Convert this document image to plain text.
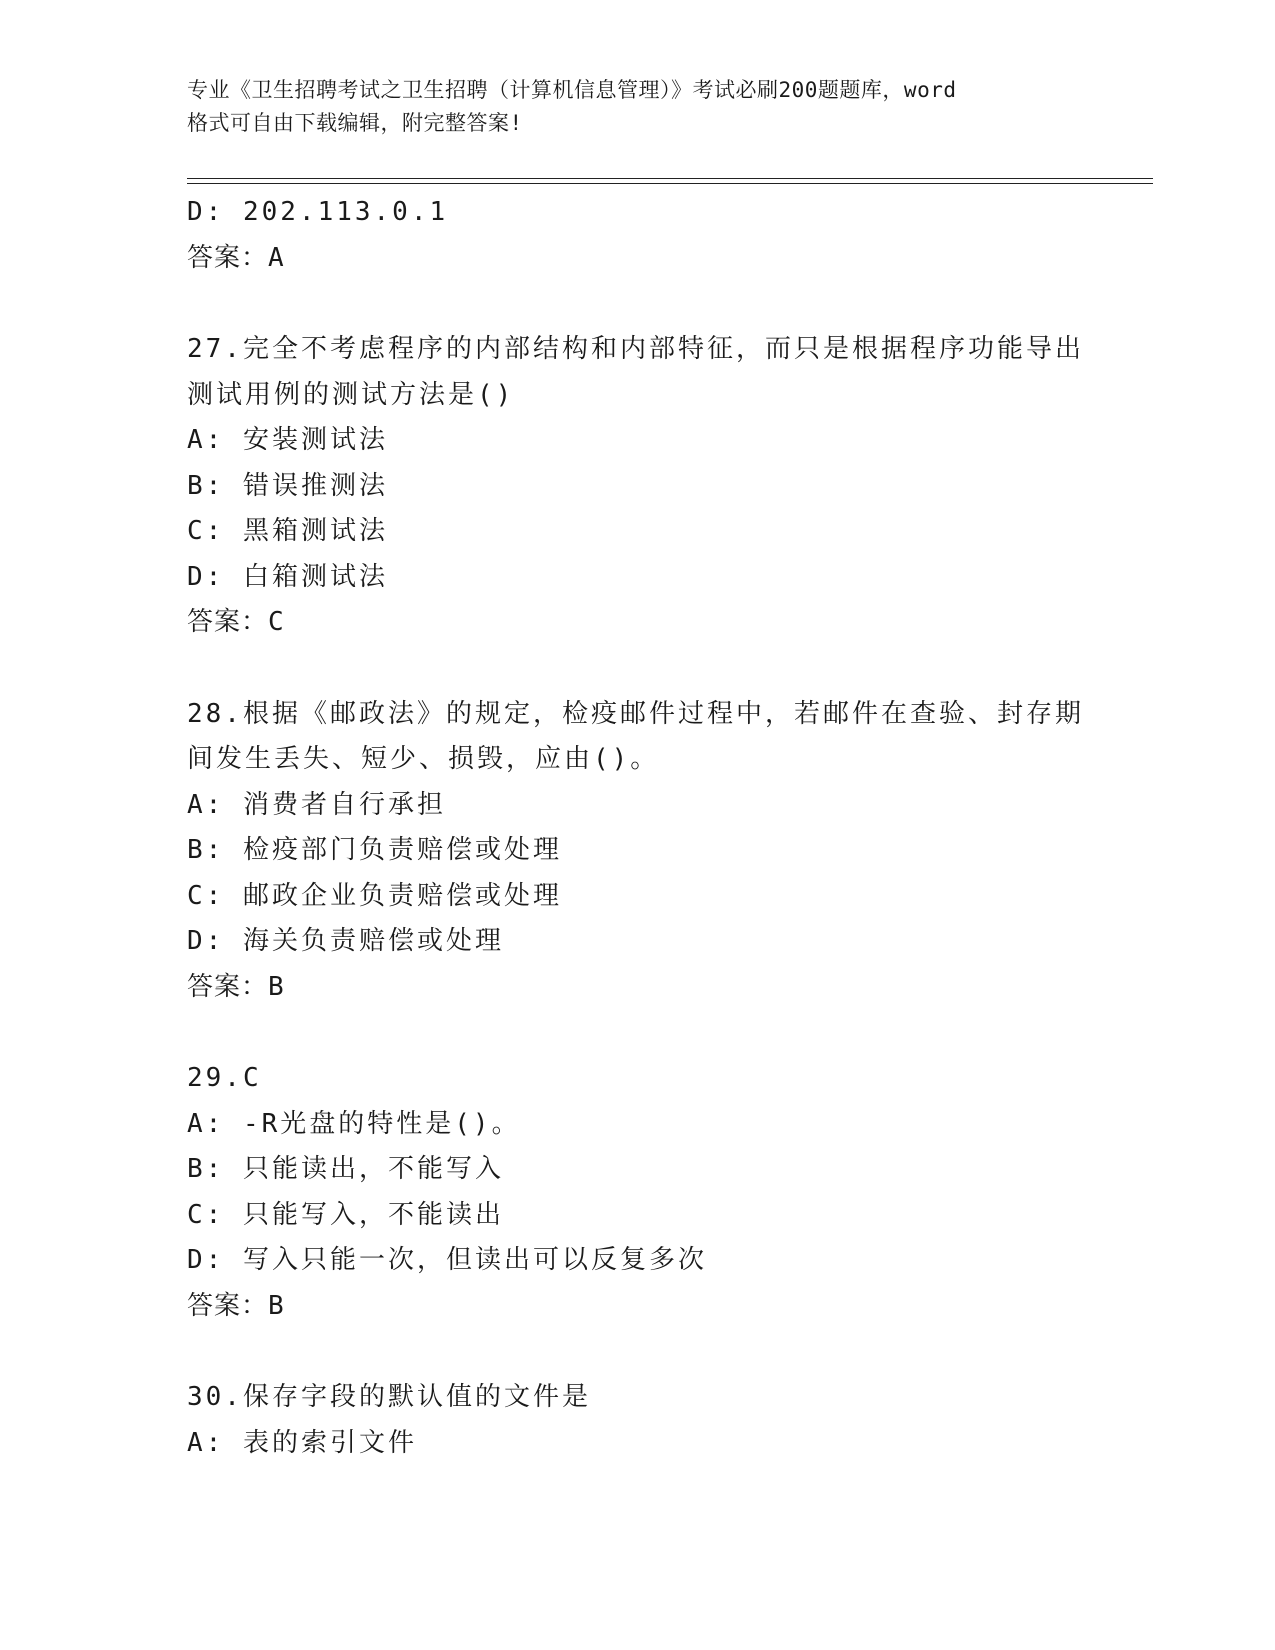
专业《卫生招聘考试之卫生招聘（计算机信息管理）》考试必刷200题题库，word
格式可自由下载编辑，附完整答案!
D: 202.113.0.1
答案：A
27.完全不考虑程序的内部结构和内部特征，而只是根据程序功能导出
测试用例的测试方法是()
A: 安装测试法
B: 错误推测法
C: 黑箱测试法
D: 白箱测试法
答案：C
28.根据《邮政法》的规定，检疫邮件过程中，若邮件在查验、封存期
间发生丢失、短少、损毁，应由()。
A: 消费者自行承担
B: 检疫部门负责赔偿或处理
C: 邮政企业负责赔偿或处理
D: 海关负责赔偿或处理
答案：B
29.C
A: -R光盘的特性是()。
B: 只能读出，不能写入
C: 只能写入，不能读出
D: 写入只能一次，但读出可以反复多次
答案：B
30.保存字段的默认值的文件是
A: 表的索引文件
